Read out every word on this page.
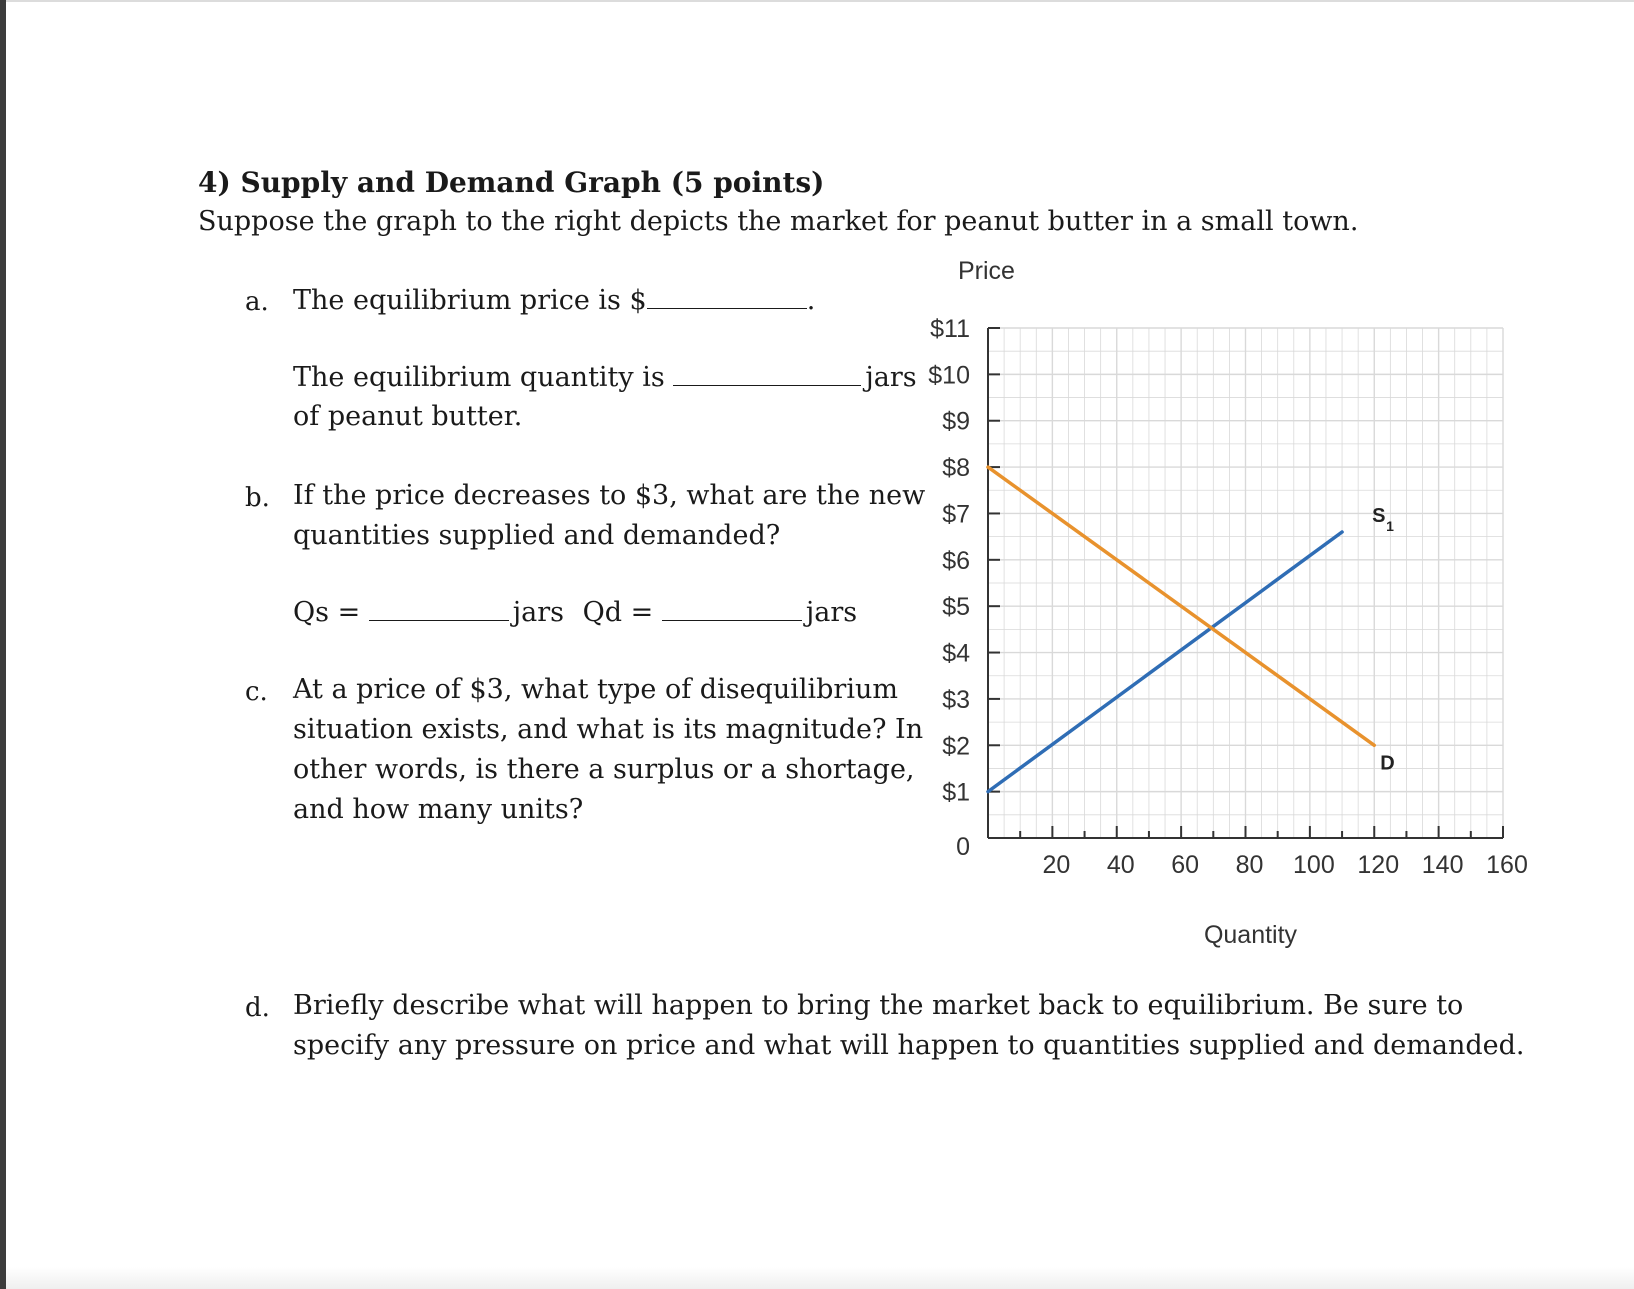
4) Supply and Demand Graph (5 points)
Suppose the graph to the right depicts the market for peanut butter in a small town.
a. The equilibrium price is $	.
The equilibrium quantity is	jars
of peanut butter.
b. If the price decreases to $3, what are the new
quantities supplied and demanded?
Qs =	jars Qd =	jars
c. At a price of $3, what type of disequilibrium
situation exists, and what is its magnitude? In
other words, is there a surplus or a shortage,
and how many units?
d. Briefly describe what will happen to bring the market back to equilibrium. Be sure to
specify any pressure on price and what will happen to quantities supplied and demanded.
$1
$2
$3
$4
$5
$6
$7
$8
$9
$10
$11
20 40 60 80 100 120 140 160
0
Price
Quantity
S 1
D
